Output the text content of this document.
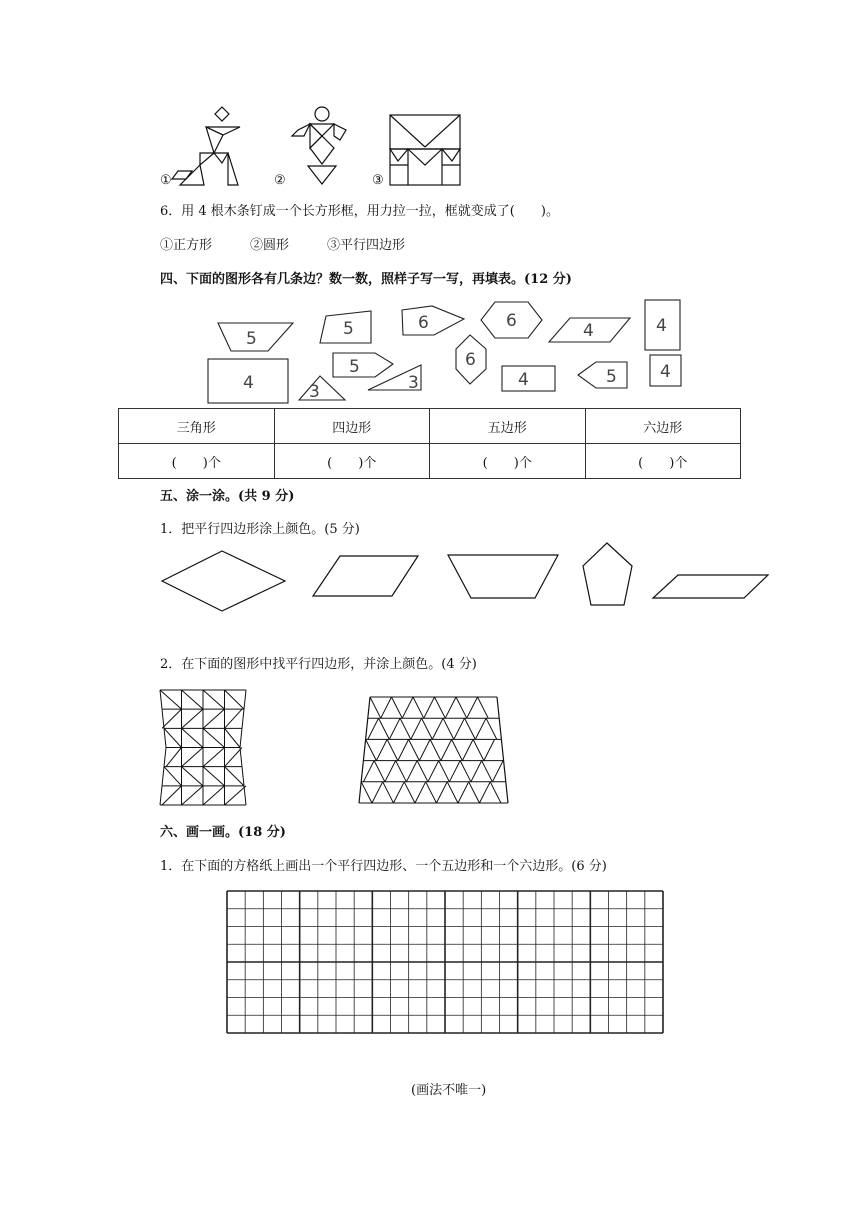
①	②	③
6．用 4 根木条钉成一个长方形框，用力拉一拉，框就变成了(　　)。
①正方形	②圆形	③平行四边形
四、下面的图形各有几条边？数一数，照样子写一写，再填表。(12 分)
5	5	6	6	4	4
4
5
3	3
6
4	5	4
三角形	四边形	五边形	六边形
(　　)个	(　　)个	(　　)个	(　　)个
五、涂一涂。(共 9 分)
1．把平行四边形涂上颜色。(5 分)
2．在下面的图形中找平行四边形，并涂上颜色。(4 分)
六、画一画。(18 分)
1．在下面的方格纸上画出一个平行四边形、一个五边形和一个六边形。(6 分)
(画法不唯一)
